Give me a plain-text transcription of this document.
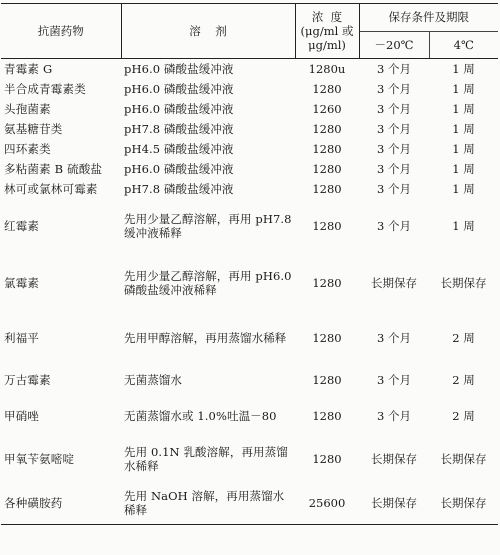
抗菌药物	溶    剂	浓  度
(μg/ml 或
μg/ml)	保存条件及期限	
			－20℃	4℃
青霉素 G	pH6.0 磷酸盐缓冲液	1280u	3 个月	1 周
半合成青霉素类	pH6.0 磷酸盐缓冲液	1280	3 个月	1 周
头孢菌素	pH6.0 磷酸盐缓冲液	1260	3 个月	1 周
氨基糖苷类	pH7.8 磷酸盐缓冲液	1280	3 个月	1 周
四环素类	pH4.5 磷酸盐缓冲液	1280	3 个月	1 周
多粘菌素 B 硫酸盐	pH6.0 磷酸盐缓冲液	1280	3 个月	1 周
林可或氯林可霉素	pH7.8 磷酸盐缓冲液	1280	3 个月	1 周
红霉素	先用少量乙醇溶解，再用 pH7.8 缓冲液稀释	1280	3 个月	1 周
氯霉素	先用少量乙醇溶解，再用 pH6.0 磷酸盐缓冲液稀释	1280	长期保存	长期保存
利福平	先用甲醇溶解，再用蒸馏水稀释	1280	3 个月	2 周
万古霉素	无菌蒸馏水	1280	3 个月	2 周
甲硝唑	无菌蒸馏水或 1.0%吐温－80	1280	3 个月	2 周
甲氧苄氨嘧啶	先用 0.1N 乳酸溶解，再用蒸馏水稀释	1280	长期保存	长期保存
各种磺胺药	先用 NaOH 溶解，再用蒸馏水稀释	25600	长期保存	长期保存
